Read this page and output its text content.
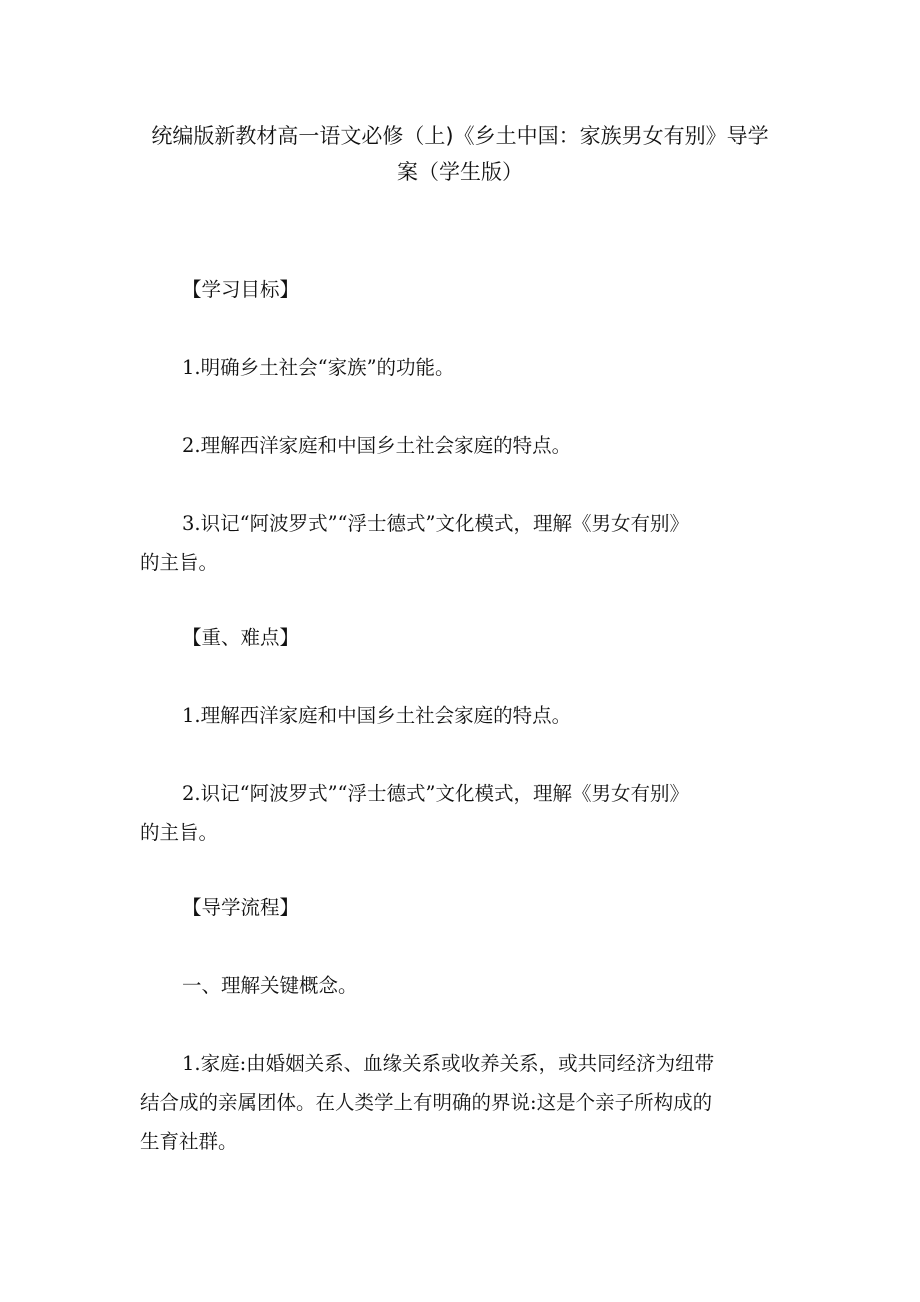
统编版新教材高一语文必修（上)《乡土中国：家族男女有别》导学
案（学生版）
【学习目标】
1.明确乡土社会“家族”的功能。
2.理解西洋家庭和中国乡土社会家庭的特点。
3.识记“阿波罗式”“浮士德式”文化模式，理解《男女有别》
的主旨。
【重、难点】
1.理解西洋家庭和中国乡土社会家庭的特点。
2.识记“阿波罗式”“浮士德式”文化模式，理解《男女有别》
的主旨。
【导学流程】
一、理解关键概念。
1.家庭:由婚姻关系、血缘关系或收养关系，或共同经济为纽带
结合成的亲属团体。在人类学上有明确的界说:这是个亲子所构成的
生育社群。
